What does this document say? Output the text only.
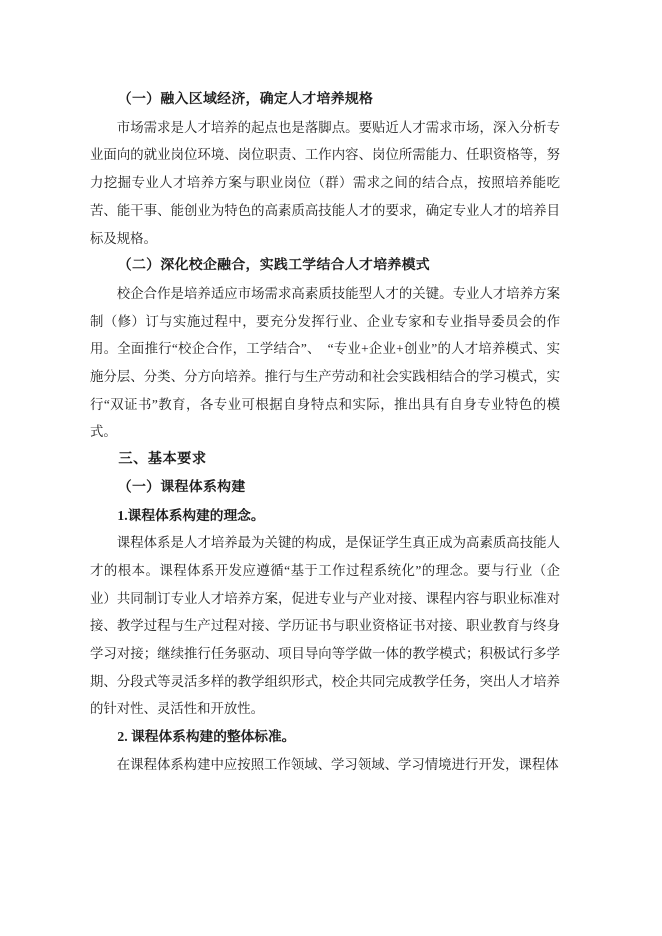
（一）融入区域经济，确定人才培养规格

市场需求是人才培养的起点也是落脚点。要贴近人才需求市场，深入分析专业面向的就业岗位环境、岗位职责、工作内容、岗位所需能力、任职资格等，努力挖掘专业人才培养方案与职业岗位（群）需求之间的结合点，按照培养能吃苦、能干事、能创业为特色的高素质高技能人才的要求，确定专业人才的培养目标及规格。

（二）深化校企融合，实践工学结合人才培养模式

校企合作是培养适应市场需求高素质技能型人才的关键。专业人才培养方案制（修）订与实施过程中，要充分发挥行业、企业专家和专业指导委员会的作用。全面推行“校企合作，工学结合”、　“专业+企业+创业”的人才培养模式、实施分层、分类、分方向培养。推行与生产劳动和社会实践相结合的学习模式，实行“双证书”教育，各专业可根据自身特点和实际，推出具有自身专业特色的模式。

三、基本要求
（一）课程体系构建
1.课程体系构建的理念。

课程体系是人才培养最为关键的构成，是保证学生真正成为高素质高技能人才的根本。课程体系开发应遵循“基于工作过程系统化”的理念。要与行业（企业）共同制订专业人才培养方案，促进专业与产业对接、课程内容与职业标准对接、教学过程与生产过程对接、学历证书与职业资格证书对接、职业教育与终身学习对接；继续推行任务驱动、项目导向等学做一体的教学模式；积极试行多学期、分段式等灵活多样的教学组织形式，校企共同完成教学任务，突出人才培养的针对性、灵活性和开放性。

2. 课程体系构建的整体标准。

在课程体系构建中应按照工作领域、学习领域、学习情境进行开发，课程体
